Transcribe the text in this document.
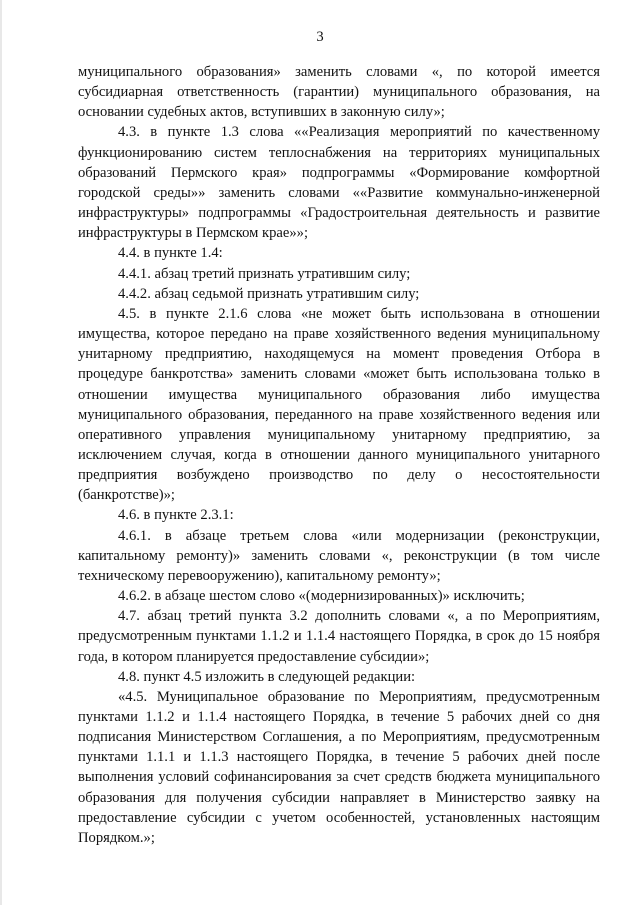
3

муниципального образования» заменить словами «, по которой имеется субсидиарная ответственность (гарантии) муниципального образования, на основании судебных актов, вступивших в законную силу»;

4.3. в пункте 1.3 слова ««Реализация мероприятий по качественному функционированию систем теплоснабжения на территориях муниципальных образований Пермского края» подпрограммы «Формирование комфортной городской среды»» заменить словами ««Развитие коммунально-инженерной инфраструктуры» подпрограммы «Градостроительная деятельность и развитие инфраструктуры в Пермском крае»»;

4.4. в пункте 1.4:

4.4.1. абзац третий признать утратившим силу;

4.4.2. абзац седьмой признать утратившим силу;

4.5. в пункте 2.1.6 слова «не может быть использована в отношении имущества, которое передано на праве хозяйственного ведения муниципальному унитарному предприятию, находящемуся на момент проведения Отбора в процедуре банкротства» заменить словами «может быть использована только в отношении имущества муниципального образования либо имущества муниципального образования, переданного на праве хозяйственного ведения или оперативного управления муниципальному унитарному предприятию, за исключением случая, когда в отношении данного муниципального унитарного предприятия возбуждено производство по делу о несостоятельности (банкротстве)»;

4.6. в пункте 2.3.1:

4.6.1. в абзаце третьем слова «или модернизации (реконструкции, капитальному ремонту)» заменить словами «, реконструкции (в том числе техническому перевооружению), капитальному ремонту»;

4.6.2. в абзаце шестом слово «(модернизированных)» исключить;

4.7. абзац третий пункта 3.2 дополнить словами «, а по Мероприятиям, предусмотренным пунктами 1.1.2 и 1.1.4 настоящего Порядка, в срок до 15 ноября года, в котором планируется предоставление субсидии»;

4.8. пункт 4.5 изложить в следующей редакции:

«4.5. Муниципальное образование по Мероприятиям, предусмотренным пунктами 1.1.2 и 1.1.4 настоящего Порядка, в течение 5 рабочих дней со дня подписания Министерством Соглашения, а по Мероприятиям, предусмотренным пунктами 1.1.1 и 1.1.3 настоящего Порядка, в течение 5 рабочих дней после выполнения условий софинансирования за счет средств бюджета муниципального образования для получения субсидии направляет в Министерство заявку на предоставление субсидии с учетом особенностей, установленных настоящим Порядком.»;
